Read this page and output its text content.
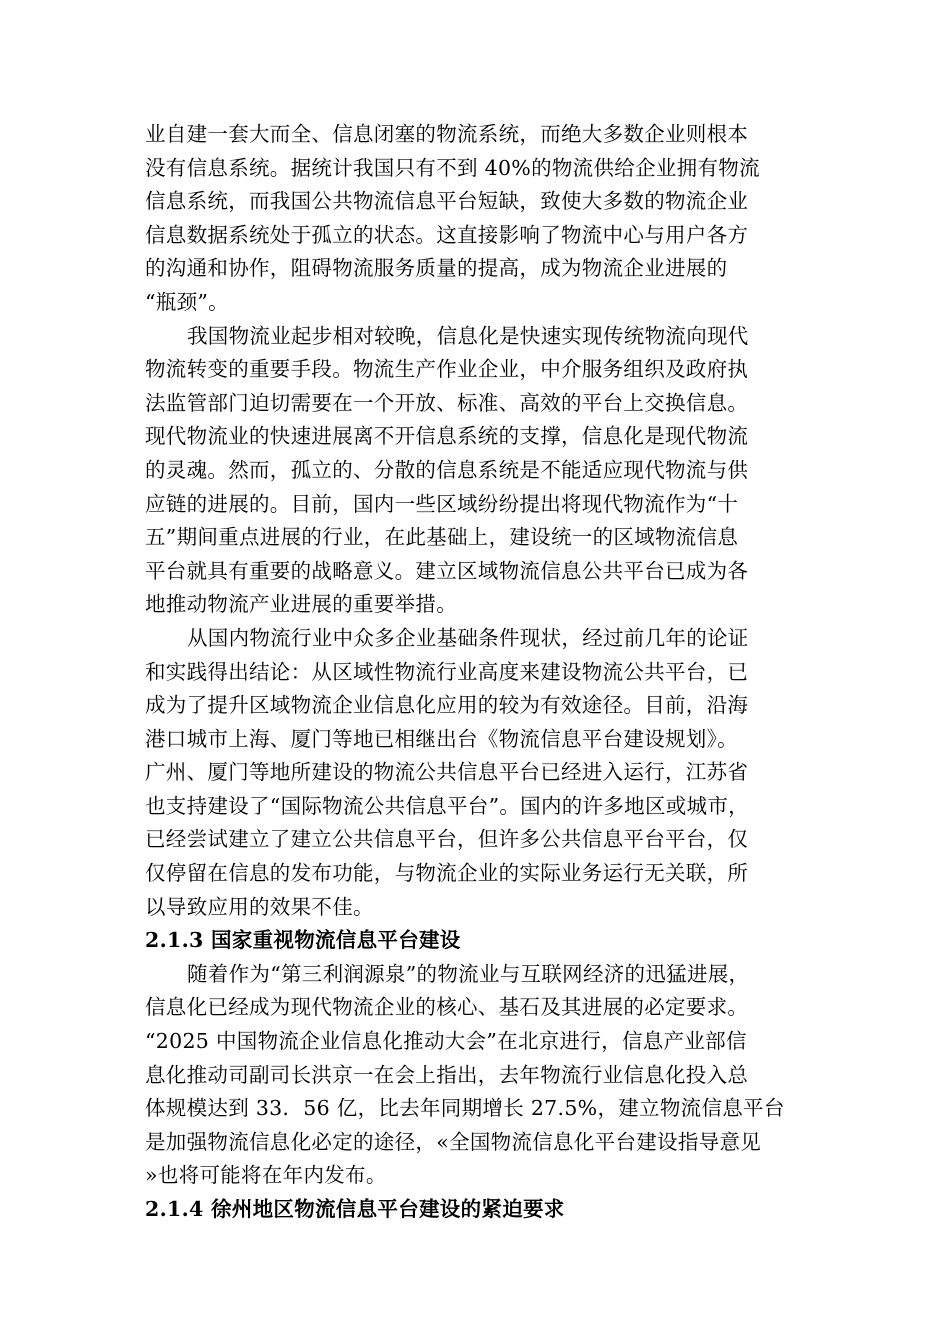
业自建一套大而全、信息闭塞的物流系统，而绝大多数企业则根本
没有信息系统。据统计我国只有不到 40%的物流供给企业拥有物流
信息系统，而我国公共物流信息平台短缺，致使大多数的物流企业
信息数据系统处于孤立的状态。这直接影响了物流中心与用户各方
的沟通和协作，阻碍物流服务质量的提高，成为物流企业进展的
“瓶颈”。
我国物流业起步相对较晚，信息化是快速实现传统物流向现代
物流转变的重要手段。物流生产作业企业，中介服务组织及政府执
法监管部门迫切需要在一个开放、标准、高效的平台上交换信息。
现代物流业的快速进展离不开信息系统的支撑，信息化是现代物流
的灵魂。然而，孤立的、分散的信息系统是不能适应现代物流与供
应链的进展的。目前，国内一些区域纷纷提出将现代物流作为“十
五”期间重点进展的行业，在此基础上，建设统一的区域物流信息
平台就具有重要的战略意义。建立区域物流信息公共平台已成为各
地推动物流产业进展的重要举措。
从国内物流行业中众多企业基础条件现状，经过前几年的论证
和实践得出结论：从区域性物流行业高度来建设物流公共平台，已
成为了提升区域物流企业信息化应用的较为有效途径。目前，沿海
港口城市上海、厦门等地已相继出台《物流信息平台建设规划》。
广州、厦门等地所建设的物流公共信息平台已经进入运行，江苏省
也支持建设了“国际物流公共信息平台”。国内的许多地区或城市，
已经尝试建立了建立公共信息平台，但许多公共信息平台平台，仅
仅停留在信息的发布功能，与物流企业的实际业务运行无关联，所
以导致应用的效果不佳。
2.1.3 国家重视物流信息平台建设
随着作为“第三利润源泉”的物流业与互联网经济的迅猛进展，
信息化已经成为现代物流企业的核心、基石及其进展的必定要求。
“2025 中国物流企业信息化推动大会”在北京进行，信息产业部信
息化推动司副司长洪京一在会上指出，去年物流行业信息化投入总
体规模达到 33．56 亿，比去年同期增长 27.5%，建立物流信息平台
是加强物流信息化必定的途径，«全国物流信息化平台建设指导意见
»也将可能将在年内发布。
2.1.4 徐州地区物流信息平台建设的紧迫要求
